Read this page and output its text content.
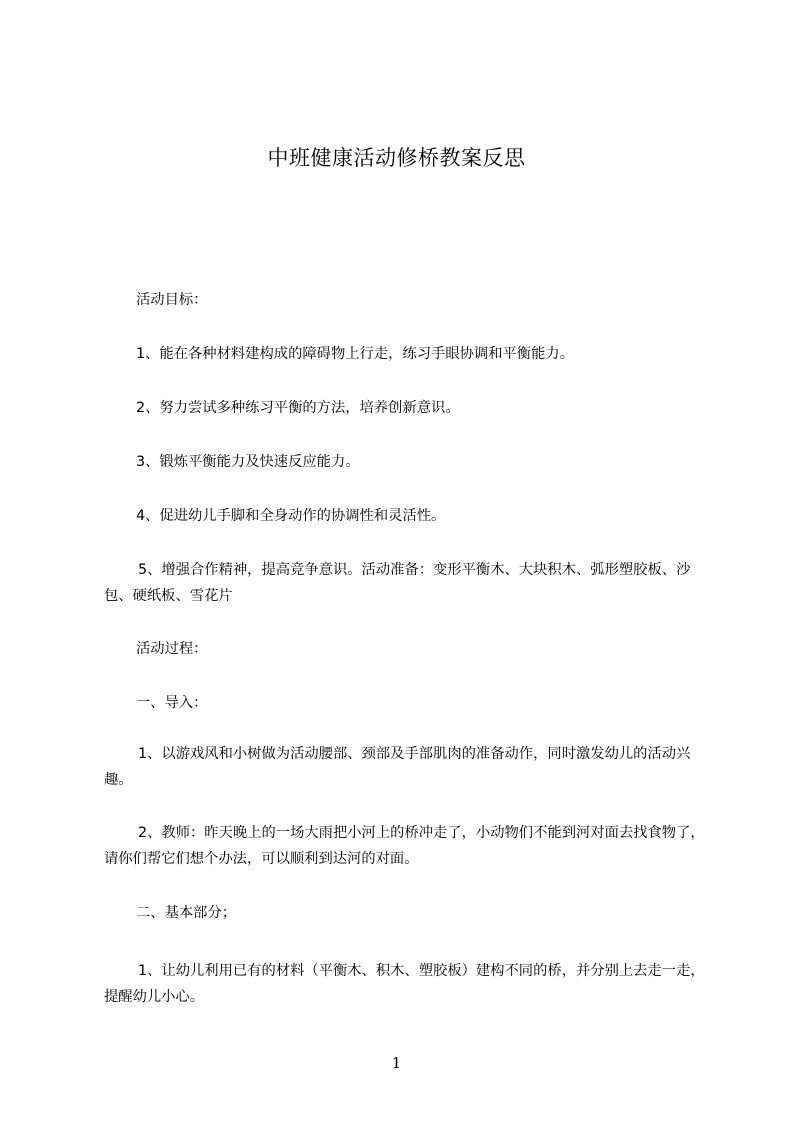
中班健康活动修桥教案反思
活动目标：
1、能在各种材料建构成的障碍物上行走，练习手眼协调和平衡能力。
2、努力尝试多种练习平衡的方法，培养创新意识。
3、锻炼平衡能力及快速反应能力。
4、促进幼儿手脚和全身动作的协调性和灵活性。
5、增强合作精神，提高竞争意识。活动准备：变形平衡木、大块积木、弧形塑胶板、沙包、硬纸板、雪花片
活动过程：
一、导入：
1、以游戏风和小树做为活动腰部、颈部及手部肌肉的准备动作，同时激发幼儿的活动兴趣。
2、教师：昨天晚上的一场大雨把小河上的桥冲走了，小动物们不能到河对面去找食物了，请你们帮它们想个办法，可以顺利到达河的对面。
二、基本部分；
1、让幼儿利用已有的材料（平衡木、积木、塑胶板）建构不同的桥，并分别上去走一走，提醒幼儿小心。
1
